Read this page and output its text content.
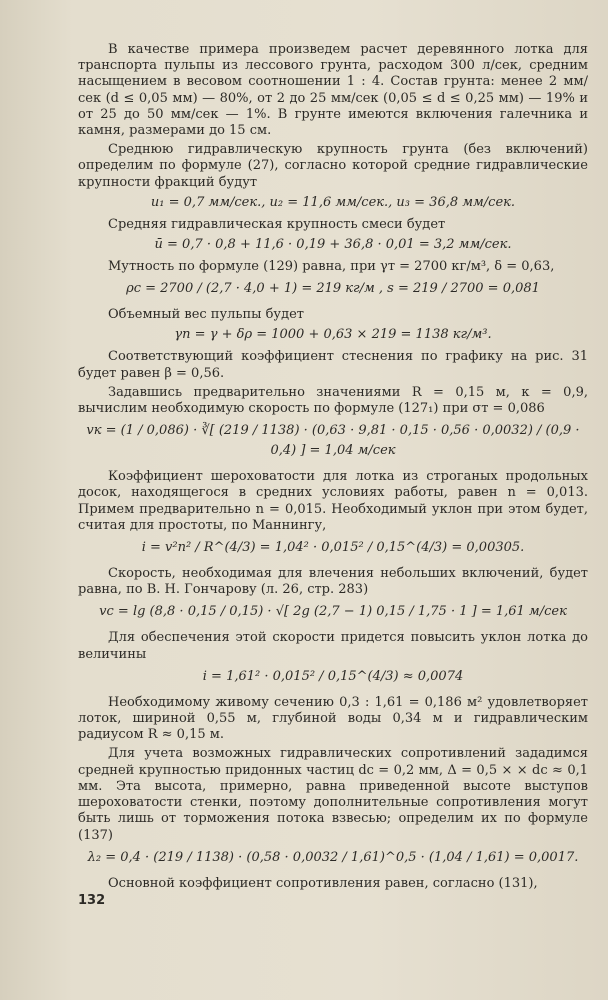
В качестве примера произведем расчет деревянного лотка для транспорта пульпы из лессового грунта, расходом 300 л/сек, средним насыщением в весовом соотношении 1 : 4. Состав грунта: менее 2 мм/сек (d ≤ 0,05 мм) — 80%, от 2 до 25 мм/сек (0,05 ≤ d ≤ 0,25 мм) — 19% и от 25 до 50 мм/сек — 1%. В грунте имеются включения галечника и камня, размерами до 15 см.

Среднюю гидравлическую крупность грунта (без включений) определим по формуле (27), согласно которой средние гидравлические крупности фракций будут

u₁ = 0,7 мм/сек., u₂ = 11,6 мм/сек., u₃ = 36,8 мм/сек.

Средняя гидравлическая крупность смеси будет

ū = 0,7 · 0,8 + 11,6 · 0,19 + 36,8 · 0,01 = 3,2 мм/сек.

Мутность по формуле (129) равна, при γт = 2700 кг/м³, δ = 0,63,

ρс = 2700 / (2,7 · 4,0 + 1) = 219 кг/м , s = 219 / 2700 = 0,081

Объемный вес пульпы будет

γп = γ + δρ = 1000 + 0,63 × 219 = 1138 кг/м³.

Соответствующий коэффициент стеснения по графику на рис. 31 будет равен β = 0,56.

Задавшись предварительно значениями R = 0,15 м, κ = 0,9, вычислим необходимую скорость по формуле (127₁) при σт = 0,086

vк = (1 / 0,086) · ∛[ (219 / 1138) · (0,63 · 9,81 · 0,15 · 0,56 · 0,0032) / (0,9 · 0,4) ] = 1,04 м/сек

Коэффициент шероховатости для лотка из строганых продольных досок, находящегося в средних условиях работы, равен n = 0,013. Примем предварительно n = 0,015. Необходимый уклон при этом будет, считая для простоты, по Маннингу,

i = v²n² / R^(4/3) = 1,04² · 0,015² / 0,15^(4/3) = 0,00305.

Скорость, необходимая для влечения небольших включений, будет равна, по В. Н. Гончарову (л. 26, стр. 283)

vс = lg (8,8 · 0,15 / 0,15) · √[ 2g (2,7 − 1) 0,15 / 1,75 · 1 ] = 1,61 м/сек

Для обеспечения этой скорости придется повысить уклон лотка до величины

i = 1,61² · 0,015² / 0,15^(4/3) ≈ 0,0074

Необходимому живому сечению 0,3 : 1,61 = 0,186 м² удовлетворяет лоток, шириной 0,55 м, глубиной воды 0,34 м и гидравлическим радиусом R ≈ 0,15 м.

Для учета возможных гидравлических сопротивлений зададимся средней крупностью придонных частиц dс = 0,2 мм, Δ = 0,5 × × dс ≈ 0,1 мм. Эта высота, примерно, равна приведенной высоте выступов шероховатости стенки, поэтому дополнительные сопротивления могут быть лишь от торможения потока взвесью; определим их по формуле (137)

λ₂ = 0,4 · (219 / 1138) · (0,58 · 0,0032 / 1,61)^0,5 · (1,04 / 1,61) = 0,0017.

Основной коэффициент сопротивления равен, согласно (131),

132
